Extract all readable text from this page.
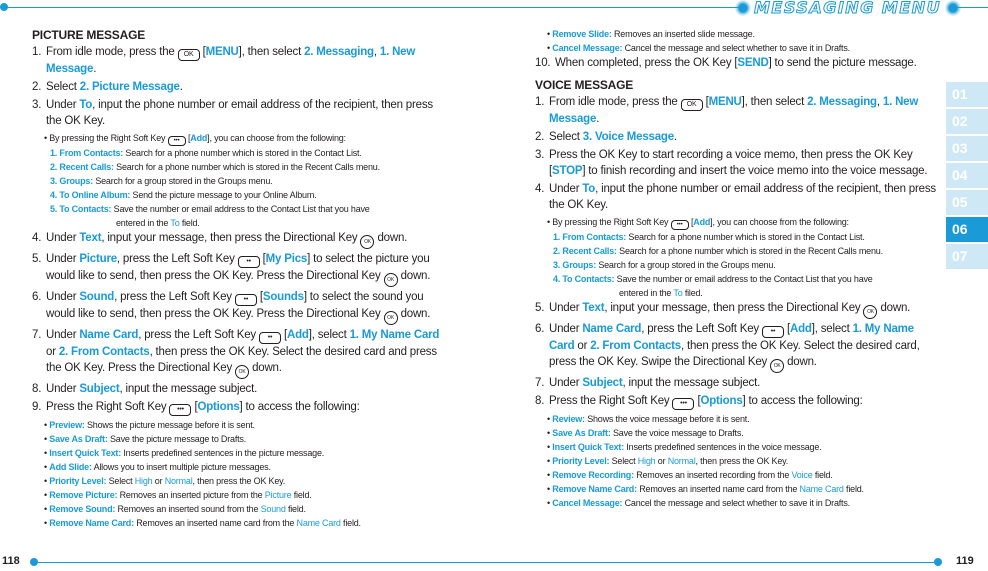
MESSAGING MENU
01
02
03
04
05
06
07

PICTURE MESSAGE

1. From idle mode, press the OK [MENU], then select 2. Messaging, 1. New Message.

2. Select 2. Picture Message.

3. Under To, input the phone number or email address of the recipient, then press the OK Key.

• By pressing the Right Soft Key ••• [Add], you can choose from the following:

1. From Contacts: Search for a phone number which is stored in the Contact List.

2. Recent Calls: Search for a phone number which is stored in the Recent Calls menu.

3. Groups: Search for a group stored in the Groups menu.

4. To Online Album: Send the picture message to your Online Album.

5. To Contacts: Save the number or email address to the Contact List that you have

entered in the To field.

4. Under Text, input your message, then press the Directional Key OK down.

5. Under Picture, press the Left Soft Key •• [My Pics] to select the picture you would like to send, then press the OK Key. Press the Directional Key OK down.

6. Under Sound, press the Left Soft Key •• [Sounds] to select the sound you would like to send, then press the OK Key. Press the Directional Key OK down.

7. Under Name Card, press the Left Soft Key •• [Add], select 1. My Name Card or 2. From Contacts, then press the OK Key. Select the desired card and press the OK Key. Press the Directional Key OK down.

8. Under Subject, input the message subject.

9. Press the Right Soft Key ••• [Options] to access the following:

• Preview: Shows the picture message before it is sent.

• Save As Draft: Save the picture message to Drafts.

• Insert Quick Text: Inserts predefined sentences in the picture message.

• Add Slide: Allows you to insert multiple picture messages.

• Priority Level: Select High or Normal, then press the OK Key.

• Remove Picture: Removes an inserted picture from the Picture field.

• Remove Sound: Removes an inserted sound from the Sound field.

• Remove Name Card: Removes an inserted name card from the Name Card field.

• Remove Slide: Removes an inserted slide message.

• Cancel Message: Cancel the message and select whether to save it in Drafts.

10. When completed, press the OK Key [SEND] to send the picture message.

VOICE MESSAGE

1. From idle mode, press the OK [MENU], then select 2. Messaging, 1. New Message.

2. Select 3. Voice Message.

3. Press the OK Key to start recording a voice memo, then press the OK Key [STOP] to finish recording and insert the voice memo into the voice message.

4. Under To, input the phone number or email address of the recipient, then press the OK Key.

• By pressing the Right Soft Key ••• [Add], you can choose from the following:

1. From Contacts: Search for a phone number which is stored in the Contact List.

2. Recent Calls: Search for a phone number which is stored in the Recent Calls menu.

3. Groups: Search for a group stored in the Groups menu.

4. To Contacts: Save the number or email address to the Contact List that you have

entered in the To filed.

5. Under Text, input your message, then press the Directional Key OK down.

6. Under Name Card, press the Left Soft Key •• [Add], select 1. My Name Card or 2. From Contacts, then press the OK Key. Select the desired card, press the OK Key. Swipe the Directional Key OK down.

7. Under Subject, input the message subject.

8. Press the Right Soft Key ••• [Options] to access the following:

• Review: Shows the voice message before it is sent.

• Save As Draft: Save the voice message to Drafts.

• Insert Quick Text: Inserts predefined sentences in the voice message.

• Priority Level: Select High or Normal, then press the OK Key.

• Remove Recording: Removes an inserted recording from the Voice field.

• Remove Name Card: Removes an inserted name card from the Name Card field.

• Cancel Message: Cancel the message and select whether to save it in Drafts.

118	119
